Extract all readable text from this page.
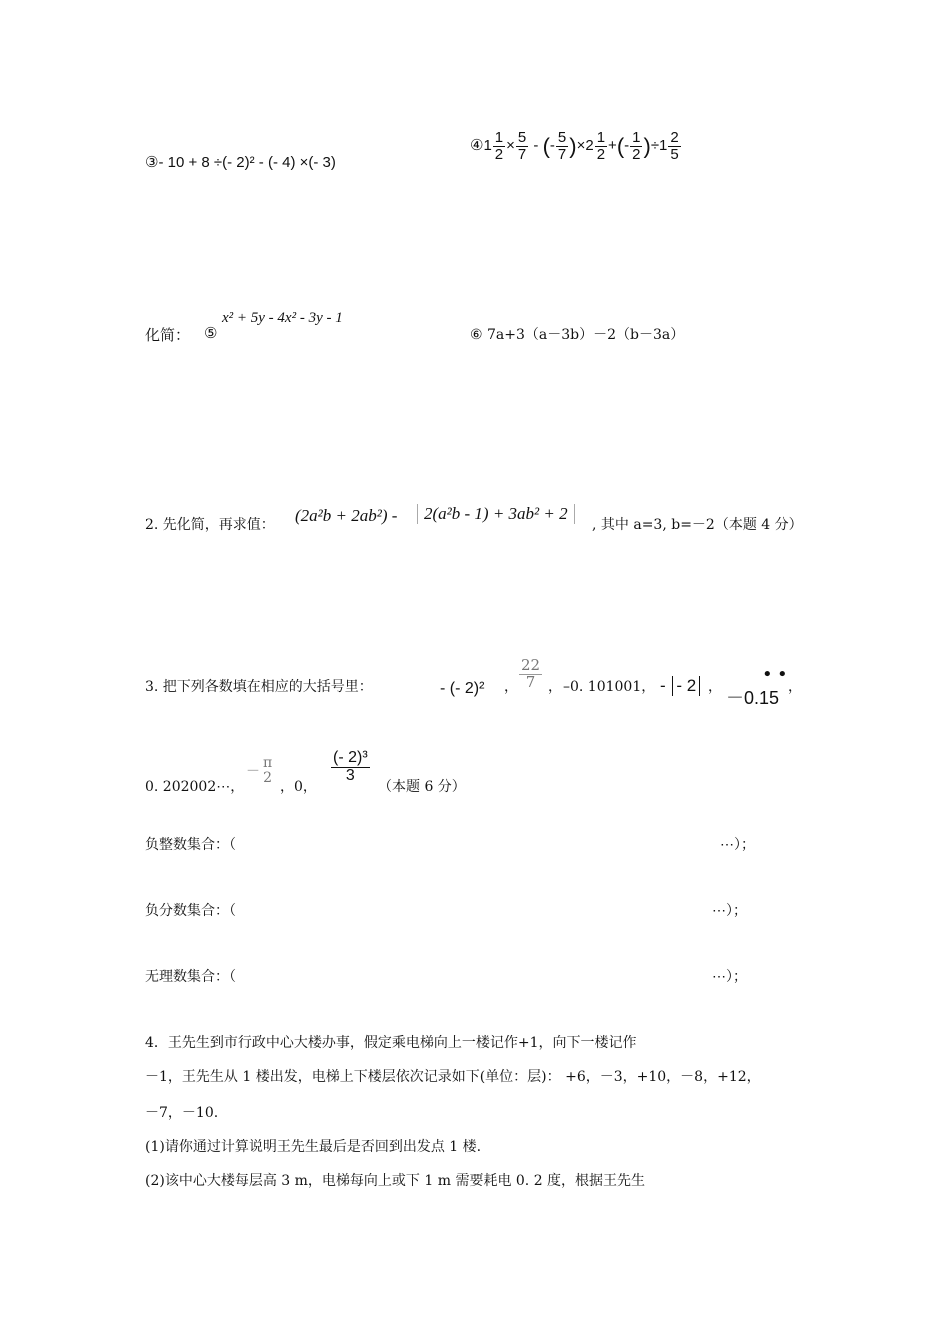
③- 10 + 8 ÷(- 2)² - (- 4) ×(- 3)
④1 $\frac{1}{2} \times \frac{5}{7}$ - (- $\frac{5}{7} )\times 2 \frac{1}{2}$ +(- $\frac{1}{2} )\div 1 \frac{2}{5}$
化简： ⑤
x² + 5y - 4x² - 3y - 1
⑥ 7a+3（a－3b）－2（b－3a）
2. 先化简，再求值： (2a²b + 2ab²) -	2(a²b - 1) + 3ab² + 2
, 其中 a=3, b=－2（本题 4 分）
3. 把下列各数填在相应的大括号里：	- (- 2)² ， $\frac{22}{7}$ ， –0. 101001， - - 2 ，
－0.15
• •
，
0. 202002⋯，
－
π
2
，0，
$\frac{\text{(- 2)³}}{3}$
（本题 6 分）
负整数集合：（	⋯）；
负分数集合：（	⋯）；
无理数集合：（	⋯）；
4．王先生到市行政中心大楼办事，假定乘电梯向上一楼记作+1，向下一楼记作
－1，王先生从 1 楼出发，电梯上下楼层依次记录如下(单位：层)： +6，－3，+10，－8，+12，
－7，－10.
(1)请你通过计算说明王先生最后是否回到出发点 1 楼.
(2)该中心大楼每层高 3 m，电梯每向上或下 1 m 需要耗电 0. 2 度，根据王先生
